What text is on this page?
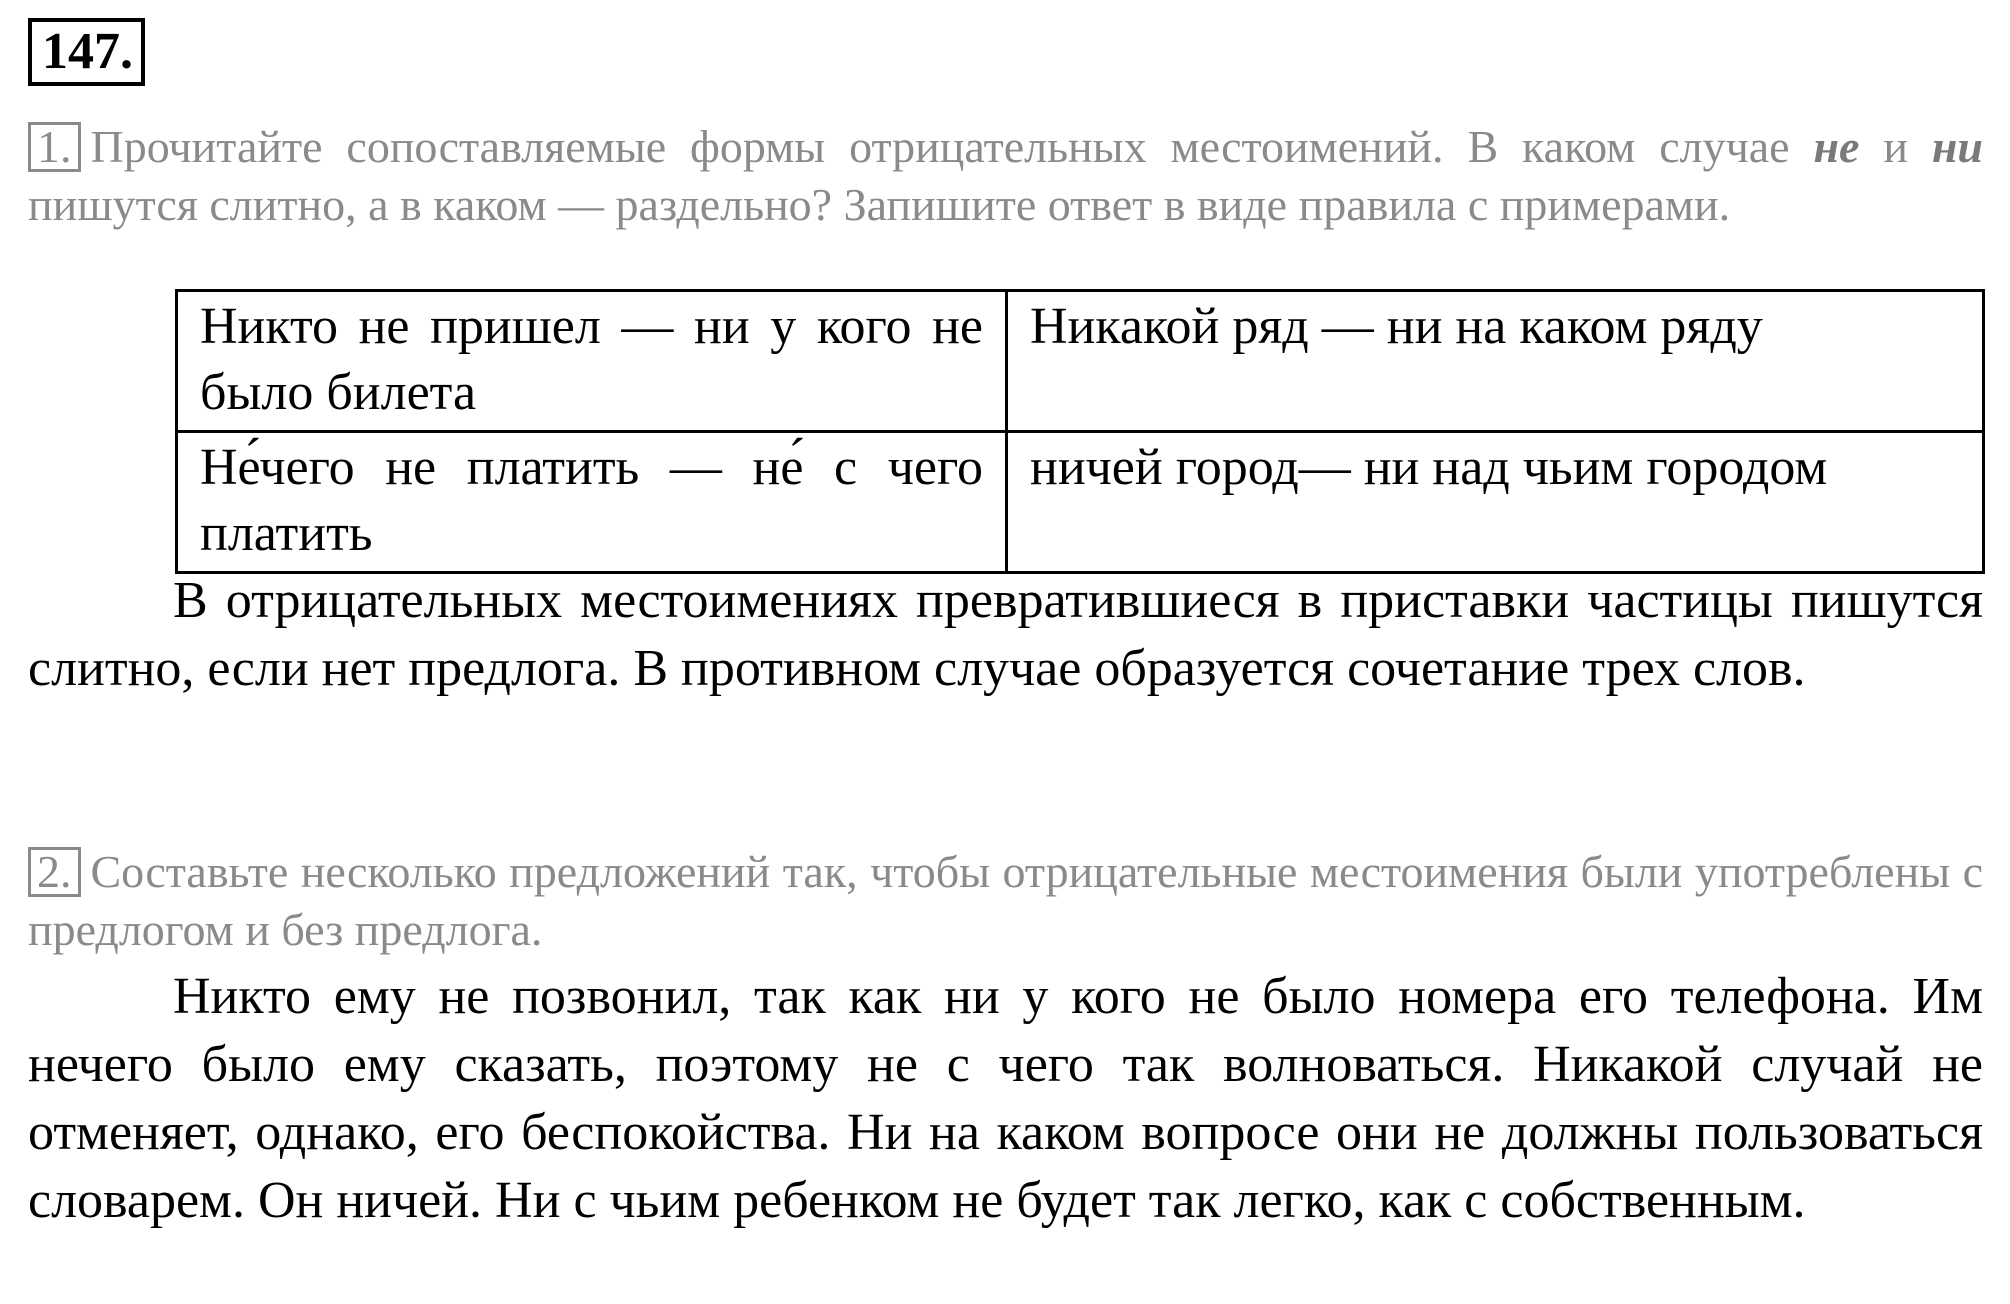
147.
1. Прочитайте сопоставляемые формы отрицательных местоимений. В каком случае не и ни пишутся слитно, а в каком — раздельно? Запишите ответ в виде правила с примерами.
Никто не пришел — ни у кого не было билета	Никакой ряд — ни на каком ряду
Не́чего не платить — не́ с чего платить	ничей город— ни над чьим городом

В отрицательных местоимениях превратившиеся в приставки частицы пишутся слитно, если нет предлога. В противном случае образуется сочетание трех слов.

2. Составьте несколько предложений так, чтобы отрицательные местоимения были употреблены с предлогом и без предлога.

Никто ему не позвонил, так как ни у кого не было номера его телефона. Им нечего было ему сказать, поэтому не с чего так волноваться. Никакой случай не отменяет, однако, его беспокойства. Ни на каком вопросе они не должны пользоваться словарем. Он ничей. Ни с чьим ребенком не будет так легко, как с собственным.
